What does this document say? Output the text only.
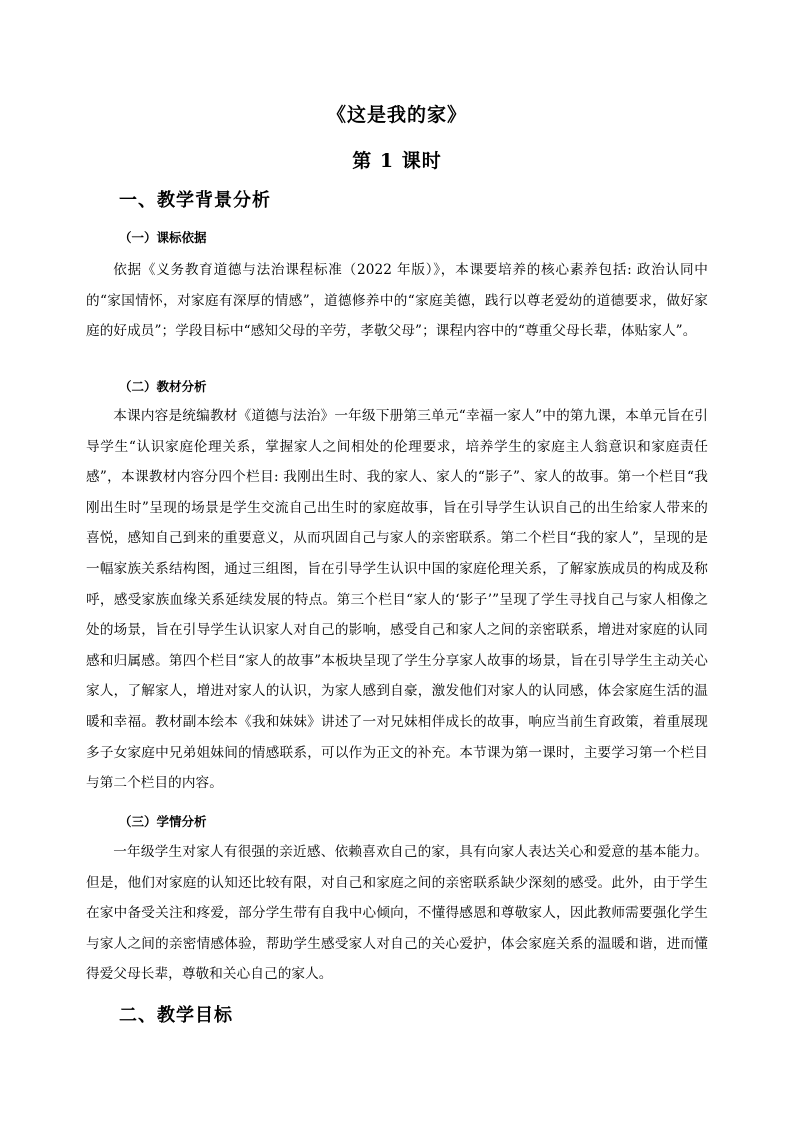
《这是我的家》
第 1 课时
一、教学背景分析
（一）课标依据
依据《义务教育道德与法治课程标准（2022 年版）》，本课要培养的核心素养包括: 政治认同中的“家国情怀，对家庭有深厚的情感”，道德修养中的“家庭美德，践行以尊老爱幼的道德要求，做好家庭的好成员”；学段目标中“感知父母的辛劳，孝敬父母”；课程内容中的“尊重父母长辈，体贴家人”。
（二）教材分析
本课内容是统编教材《道德与法治》一年级下册第三单元“幸福一家人”中的第九课，本单元旨在引导学生“认识家庭伦理关系，掌握家人之间相处的伦理要求，培养学生的家庭主人翁意识和家庭责任感”，本课教材内容分四个栏目: 我刚出生时、我的家人、家人的“影子”、家人的故事。第一个栏目“我刚出生时”呈现的场景是学生交流自己出生时的家庭故事，旨在引导学生认识自己的出生给家人带来的喜悦，感知自己到来的重要意义，从而巩固自己与家人的亲密联系。第二个栏目“我的家人”，呈现的是一幅家族关系结构图，通过三组图，旨在引导学生认识中国的家庭伦理关系，了解家族成员的构成及称呼，感受家族血缘关系延续发展的特点。第三个栏目“家人的‘影子’”呈现了学生寻找自己与家人相像之处的场景，旨在引导学生认识家人对自己的影响，感受自己和家人之间的亲密联系，增进对家庭的认同感和归属感。第四个栏目“家人的故事”本板块呈现了学生分享家人故事的场景，旨在引导学生主动关心家人，了解家人，增进对家人的认识，为家人感到自豪，激发他们对家人的认同感，体会家庭生活的温暖和幸福。教材副本绘本《我和妹妹》讲述了一对兄妹相伴成长的故事，响应当前生育政策，着重展现多子女家庭中兄弟姐妹间的情感联系，可以作为正文的补充。本节课为第一课时，主要学习第一个栏目与第二个栏目的内容。
（三）学情分析
一年级学生对家人有很强的亲近感、依赖喜欢自己的家，具有向家人表达关心和爱意的基本能力。但是，他们对家庭的认知还比较有限，对自己和家庭之间的亲密联系缺少深刻的感受。此外，由于学生在家中备受关注和疼爱，部分学生带有自我中心倾向，不懂得感恩和尊敬家人，因此教师需要强化学生与家人之间的亲密情感体验，帮助学生感受家人对自己的关心爱护，体会家庭关系的温暖和谐，进而懂得爱父母长辈，尊敬和关心自己的家人。
二、教学目标
